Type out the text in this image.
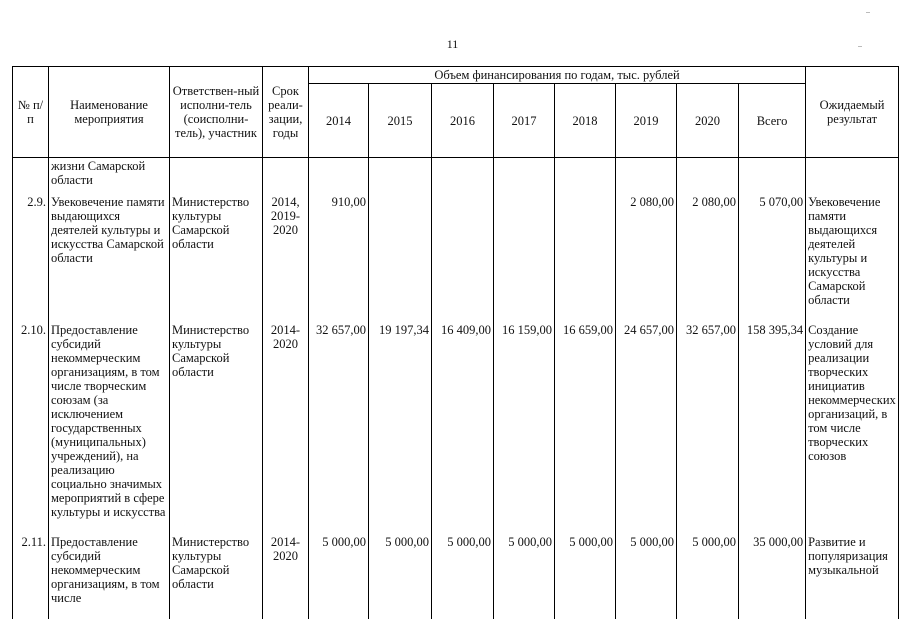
11
№ п/п	Наименование мероприятия	Ответствен-ный исполни-тель (соисполни-тель), участник	Срок реали-зации, годы	Объем финансирования по годам, тыс. рублей								Ожидаемый результат
				2014	2015	2016	2017	2018	2019	2020	Всего	
	жизни Самарской области											
2.9.	Увековечение памяти выдающихся деятелей культуры и искусства Самарской области	Министерство культуры Самарской области	2014, 2019-2020	910,00					2 080,00	2 080,00	5 070,00	Увековечение памяти выдающихся деятелей культуры и искусства Самарской области
2.10.	Предоставление субсидий некоммерческим организациям, в том числе творческим союзам (за исключением государственных (муниципальных) учреждений), на реализацию социально значимых мероприятий в сфере культуры и искусства	Министерство культуры Самарской области	2014-2020	32 657,00	19 197,34	16 409,00	16 159,00	16 659,00	24 657,00	32 657,00	158 395,34	Создание условий для реализации творческих инициатив некоммерческих организаций, в том числе творческих союзов
2.11.	Предоставление субсидий некоммерческим организациям, в том числе	Министерство культуры Самарской области	2014-2020	5 000,00	5 000,00	5 000,00	5 000,00	5 000,00	5 000,00	5 000,00	35 000,00	Развитие и популяризация музыкальной
